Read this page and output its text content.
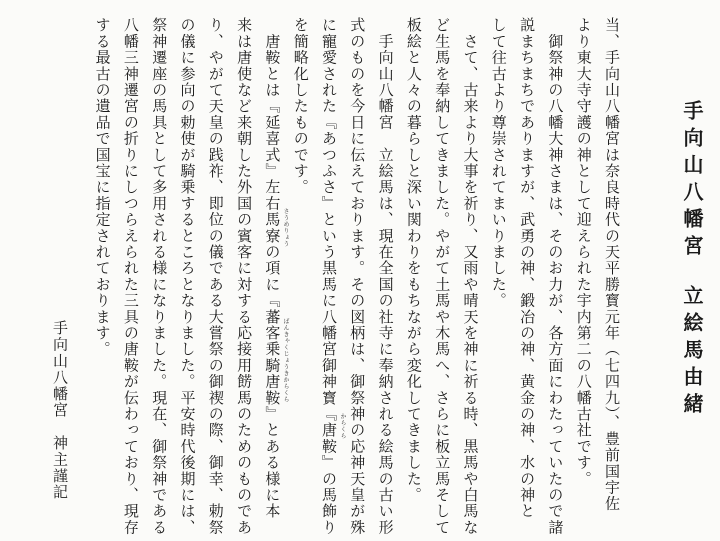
手向山八幡宮
立絵馬由緒
当、手向山八幡宮は奈良時代の天平勝寳元年（七四九）、豊前国宇佐
より東大寺守護の神として迎えられた宇内第二の八幡古社です。
　御祭神の八幡大神さまは、そのお力が、各方面にわたっていたので諸
説まちまちでありますが、武勇の神、鍛冶の神、黄金の神、水の神と
して往古より尊崇されてまいりました。
　さて、古来より大事を祈り、又雨や晴天を神に祈る時、黒馬や白馬な
ど生馬を奉納してきました。やがて土馬や木馬へ、さらに板立馬そして
板絵と人々の暮らしと深い関わりをもちながら変化してきました。
　手向山八幡宮　立絵馬は、現在全国の社寺に奉納される絵馬の古い形
式のものを今日に伝えております。その図柄は、御祭神の応神天皇が殊
に寵愛された『あつふさ』という黒馬に八幡宮御神寳『唐鞍』の馬飾り
を簡略化したものです。
　唐鞍とは『延喜式』左右馬寮の項に『蕃客乗騎唐鞍』とある様に本
来は唐使など来朝した外国の賓客に対する応接用餝馬のためのものであ
り、やがて天皇の践祚、即位の儀である大嘗祭の御禊の際、御幸、勅祭
の儀に参向の勅使が騎乗するところとなりました。平安時代後期には、
祭神遷座の馬具として多用される様になりました。現在、御祭神である
八幡三神遷宮の折りにしつらえられた三具の唐鞍が伝わっており、現存
する最古の遺品で国宝に指定されております。
からくら
さうめりょう
ばんきゃくじょうきからくら
手向山八幡宮　神主謹記
